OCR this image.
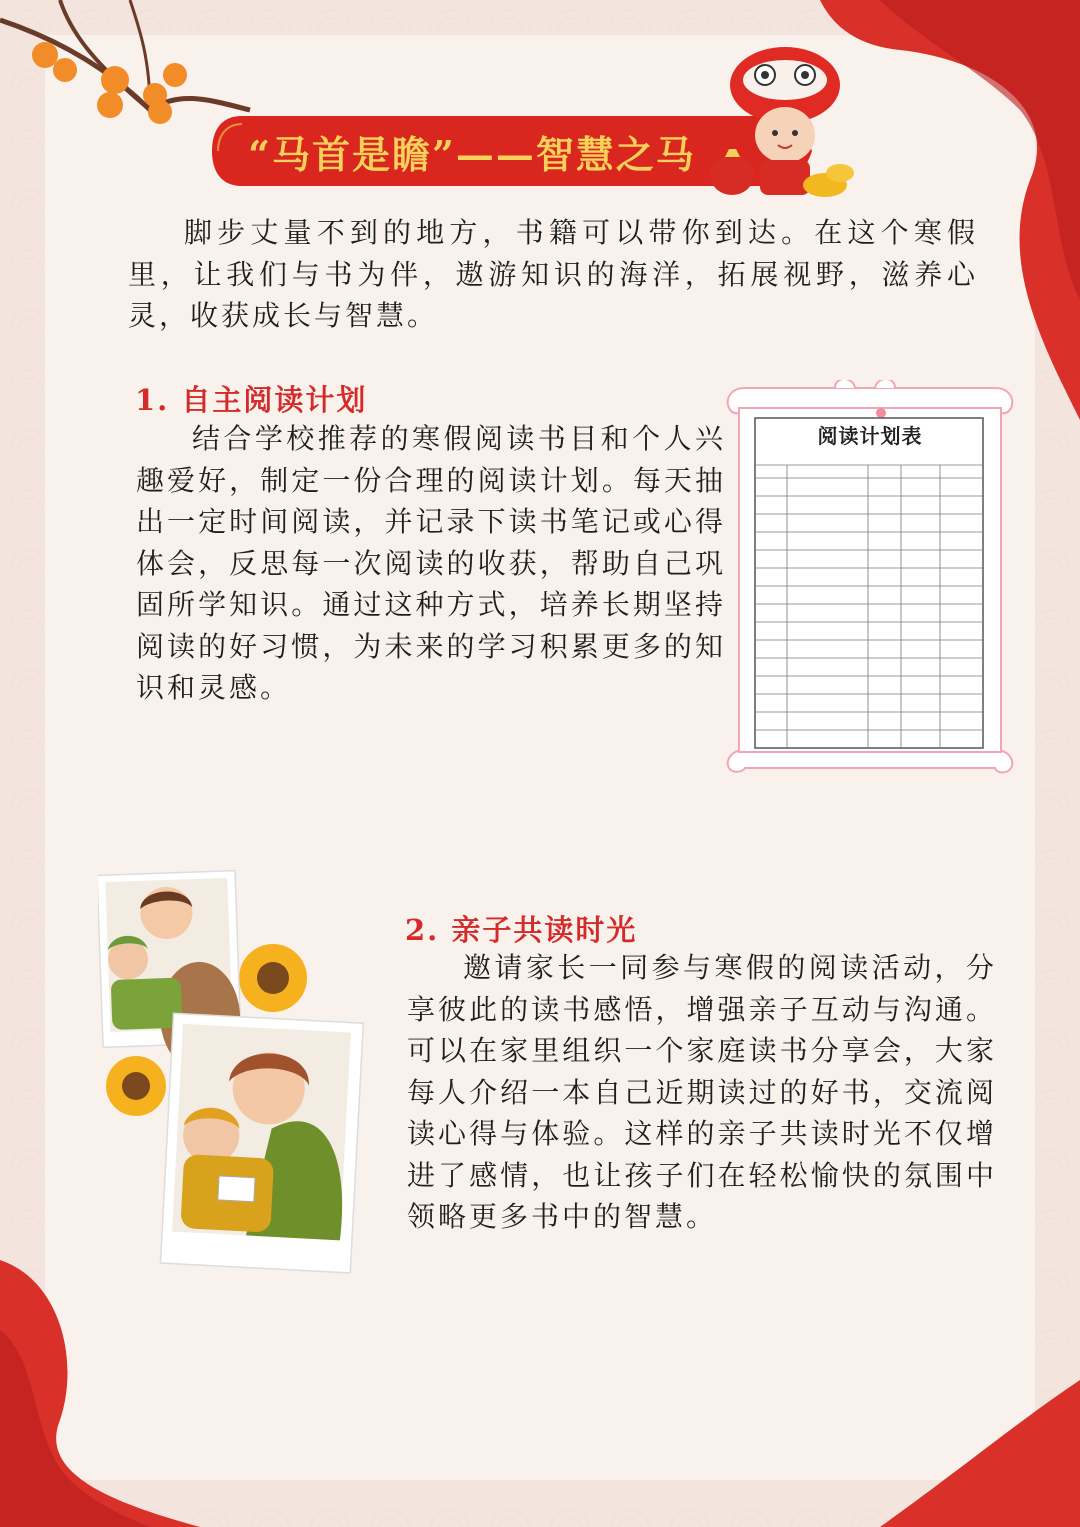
“马首是瞻”——智慧之马

脚步丈量不到的地方，书籍可以带你到达。在这个寒假里，让我们与书为伴，遨游知识的海洋，拓展视野，滋养心灵，收获成长与智慧。

1. 自主阅读计划

结合学校推荐的寒假阅读书目和个人兴趣爱好，制定一份合理的阅读计划。每天抽出一定时间阅读，并记录下读书笔记或心得体会，反思每一次阅读的收获，帮助自己巩固所学知识。通过这种方式，培养长期坚持阅读的好习惯，为未来的学习积累更多的知识和灵感。

阅读计划表
2. 亲子共读时光

邀请家长一同参与寒假的阅读活动，分享彼此的读书感悟，增强亲子互动与沟通。可以在家里组织一个家庭读书分享会，大家每人介绍一本自己近期读过的好书，交流阅读心得与体验。这样的亲子共读时光不仅增进了感情，也让孩子们在轻松愉快的氛围中领略更多书中的智慧。
